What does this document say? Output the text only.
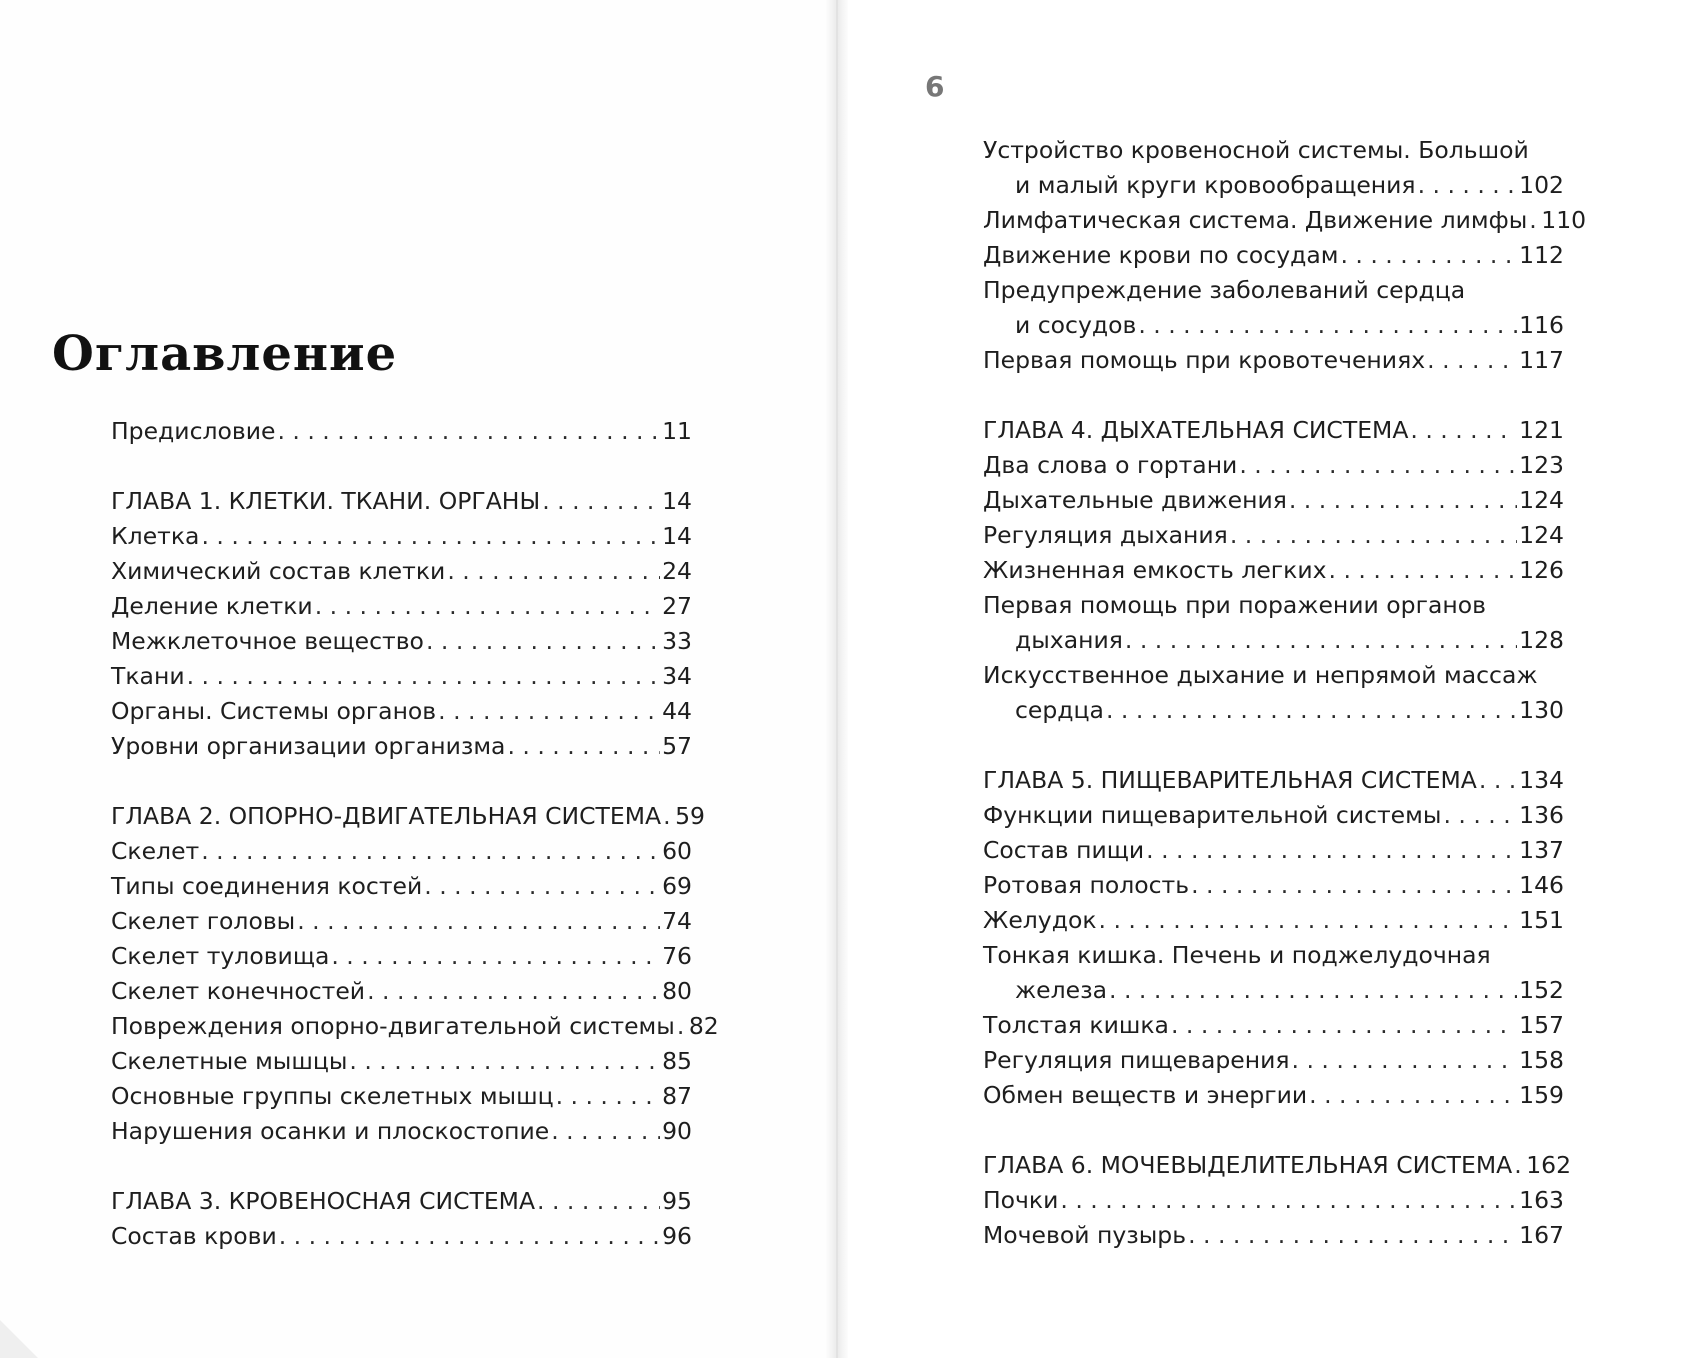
Оглавление
Предисловие . . .	11
ГЛАВА 1. КЛЕТКИ. ТКАНИ. ОРГАНЫ . . .	14
Клетка . . .	14
Химический состав клетки . . .	24
Деление клетки . . .	27
Межклеточное вещество . . .	33
Ткани . . .	34
Органы. Системы органов . . .	44
Уровни организации организма . . .	57
ГЛАВА 2. ОПОРНО-ДВИГАТЕЛЬНАЯ СИСТЕМА . . . 59
Скелет . . .	60
Типы соединения костей . . .	69
Скелет головы . . .	74
Скелет туловища . . .	76
Скелет конечностей . . .	80
Повреждения опорно-двигательной системы . . . 82
Скелетные мышцы . . .	85
Основные группы скелетных мышц . . .	87
Нарушения осанки и плоскостопие . . .	90
ГЛАВА 3. КРОВЕНОСНАЯ СИСТЕМА . . .	95
Состав крови . . .	96
6
Устройство кровеносной системы. Большой
и малый круги кровообращения . . .	102
Лимфатическая система. Движение лимфы . . . 110
Движение крови по сосудам . . .	112
Предупреждение заболеваний сердца
и сосудов . . .	116
Первая помощь при кровотечениях . . .	117
ГЛАВА 4. ДЫХАТЕЛЬНАЯ СИСТЕМА . . .	121
Два слова о гортани . . .	123
Дыхательные движения . . .	124
Регуляция дыхания . . .	124
Жизненная емкость легких . . .	126
Первая помощь при поражении органов
дыхания . . .	128
Искусственное дыхание и непрямой массаж
сердца . . .	130
ГЛАВА 5. ПИЩЕВАРИТЕЛЬНАЯ СИСТЕМА . . . 134
Функции пищеварительной системы . . .	136
Состав пищи . . .	137
Ротовая полость . . .	146
Желудок . . .	151
Тонкая кишка. Печень и поджелудочная
железа . . .	152
Толстая кишка . . .	157
Регуляция пищеварения . . .	158
Обмен веществ и энергии . . .	159
ГЛАВА 6. МОЧЕВЫДЕЛИТЕЛЬНАЯ СИСТЕМА . . . 162
Почки . . .	163
Мочевой пузырь . . .	167
